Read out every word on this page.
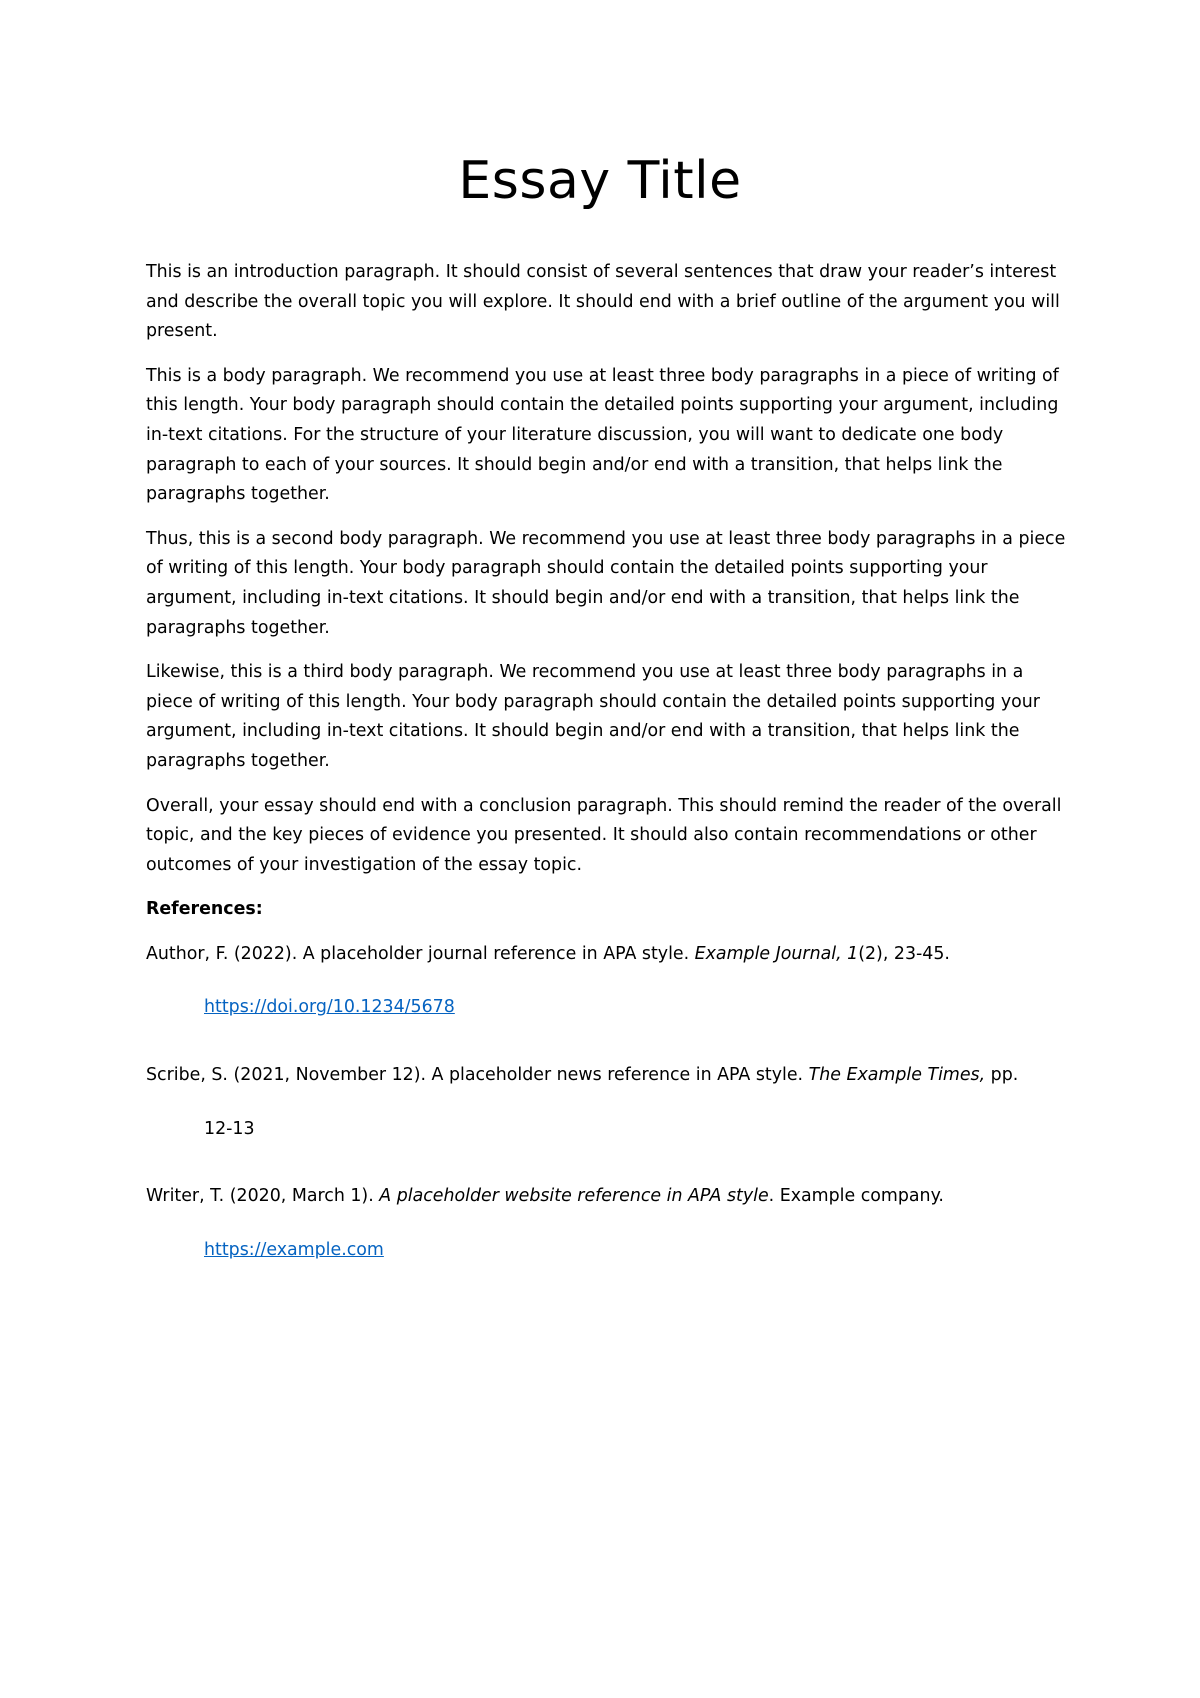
Essay Title

This is an introduction paragraph. It should consist of several sentences that draw your reader’s interest and describe the overall topic you will explore. It should end with a brief outline of the argument you will present.

This is a body paragraph. We recommend you use at least three body paragraphs in a piece of writing of this length. Your body paragraph should contain the detailed points supporting your argument, including in-text citations. For the structure of your literature discussion, you will want to dedicate one body paragraph to each of your sources. It should begin and/or end with a transition, that helps link the paragraphs together.

Thus, this is a second body paragraph. We recommend you use at least three body paragraphs in a piece of writing of this length. Your body paragraph should contain the detailed points supporting your argument, including in-text citations. It should begin and/or end with a transition, that helps link the paragraphs together.

Likewise, this is a third body paragraph. We recommend you use at least three body paragraphs in a piece of writing of this length. Your body paragraph should contain the detailed points supporting your argument, including in-text citations. It should begin and/or end with a transition, that helps link the paragraphs together.

Overall, your essay should end with a conclusion paragraph. This should remind the reader of the overall topic, and the key pieces of evidence you presented. It should also contain recommendations or other outcomes of your investigation of the essay topic.

References:

Author, F. (2022). A placeholder journal reference in APA style. Example Journal, 1(2), 23-45.

https://doi.org/10.1234/5678

Scribe, S. (2021, November 12). A placeholder news reference in APA style. The Example Times, pp.

12-13

Writer, T. (2020, March 1). A placeholder website reference in APA style. Example company.

https://example.com
